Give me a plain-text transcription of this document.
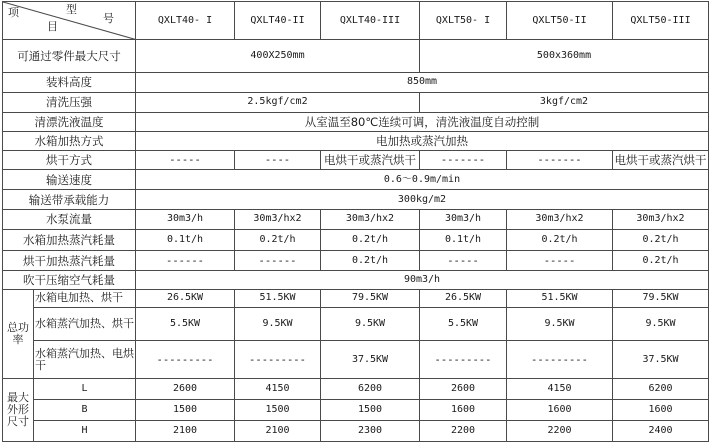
型
号
项
目		QXLT40- I	QXLT40-II	QXLT40-III	QXLT50- I	QXLT50-II	QXLT50-III
可通过零件最大尺寸		400X250mm			500x360mm		
装料高度		850mm					
清洗压强		2.5kgf/cm2			3kgf/cm2		
清漂洗液温度		从室温至80℃连续可调，清洗液温度自动控制					
水箱加热方式		电加热或蒸汽加热					
烘干方式		-----	----	电烘干或蒸汽烘干	-------	-------	电烘干或蒸汽烘干
输送速度		0.6～0.9m/min					
输送带承载能力		300kg/m2					
水泵流量		30m3/h	30m3/hx2	30m3/hx2	30m3/h	30m3/hx2	30m3/hx2
水箱加热蒸汽耗量		0.1t/h	0.2t/h	0.2t/h	0.1t/h	0.2t/h	0.2t/h
烘干加热蒸汽耗量		------	------	0.2t/h	-----	-----	0.2t/h
吹干压缩空气耗量		90m3/h					
总功率	水箱电加热、烘干	26.5KW	51.5KW	79.5KW	26.5KW	51.5KW	79.5KW
	水箱蒸汽加热、烘干	5.5KW	9.5KW	9.5KW	5.5KW	9.5KW	9.5KW
	水箱蒸汽加热、电烘干	---------	---------	37.5KW	---------	---------	37.5KW
最大外形尺寸	L	2600	4150	6200	2600	4150	6200
	B	1500	1500	1500	1600	1600	1600
	H	2100	2100	2300	2200	2200	2400
